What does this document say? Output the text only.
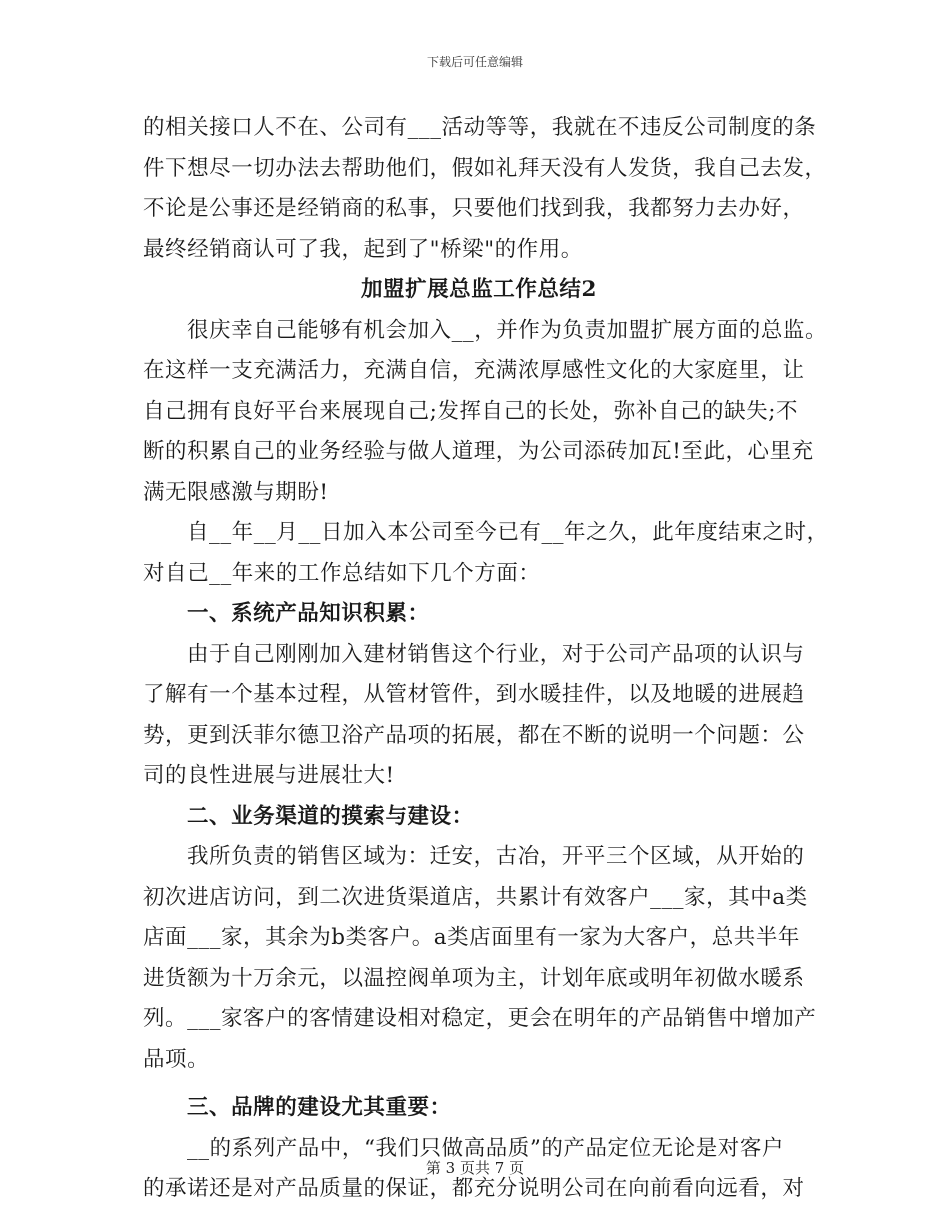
下载后可任意编辑
的相关接口人不在、公司有___活动等等，我就在不违反公司制度的条
件下想尽一切办法去帮助他们，假如礼拜天没有人发货，我自己去发，
不论是公事还是经销商的私事，只要他们找到我，我都努力去办好，
最终经销商认可了我，起到了"桥梁"的作用。
加盟扩展总监工作总结2
很庆幸自己能够有机会加入__，并作为负责加盟扩展方面的总监。
在这样一支充满活力，充满自信，充满浓厚感性文化的大家庭里，让
自己拥有良好平台来展现自己;发挥自己的长处，弥补自己的缺失;不
断的积累自己的业务经验与做人道理，为公司添砖加瓦!至此，心里充
满无限感激与期盼!
自__年__月__日加入本公司至今已有__年之久，此年度结束之时，
对自己__年来的工作总结如下几个方面：
一、系统产品知识积累：
由于自己刚刚加入建材销售这个行业，对于公司产品项的认识与
了解有一个基本过程，从管材管件，到水暖挂件，以及地暖的进展趋
势，更到沃菲尔德卫浴产品项的拓展，都在不断的说明一个问题：公
司的良性进展与进展壮大!
二、业务渠道的摸索与建设：
我所负责的销售区域为：迁安，古冶，开平三个区域，从开始的
初次进店访问，到二次进货渠道店，共累计有效客户___家，其中a类
店面___家，其余为b类客户。a类店面里有一家为大客户，总共半年
进货额为十万余元，以温控阀单项为主，计划年底或明年初做水暖系
列。___家客户的客情建设相对稳定，更会在明年的产品销售中增加产
品项。
三、品牌的建设尤其重要：
__的系列产品中，“我们只做高品质”的产品定位无论是对客户
的承诺还是对产品质量的保证，都充分说明公司在向前看向远看，对
第 3 页共 7 页
